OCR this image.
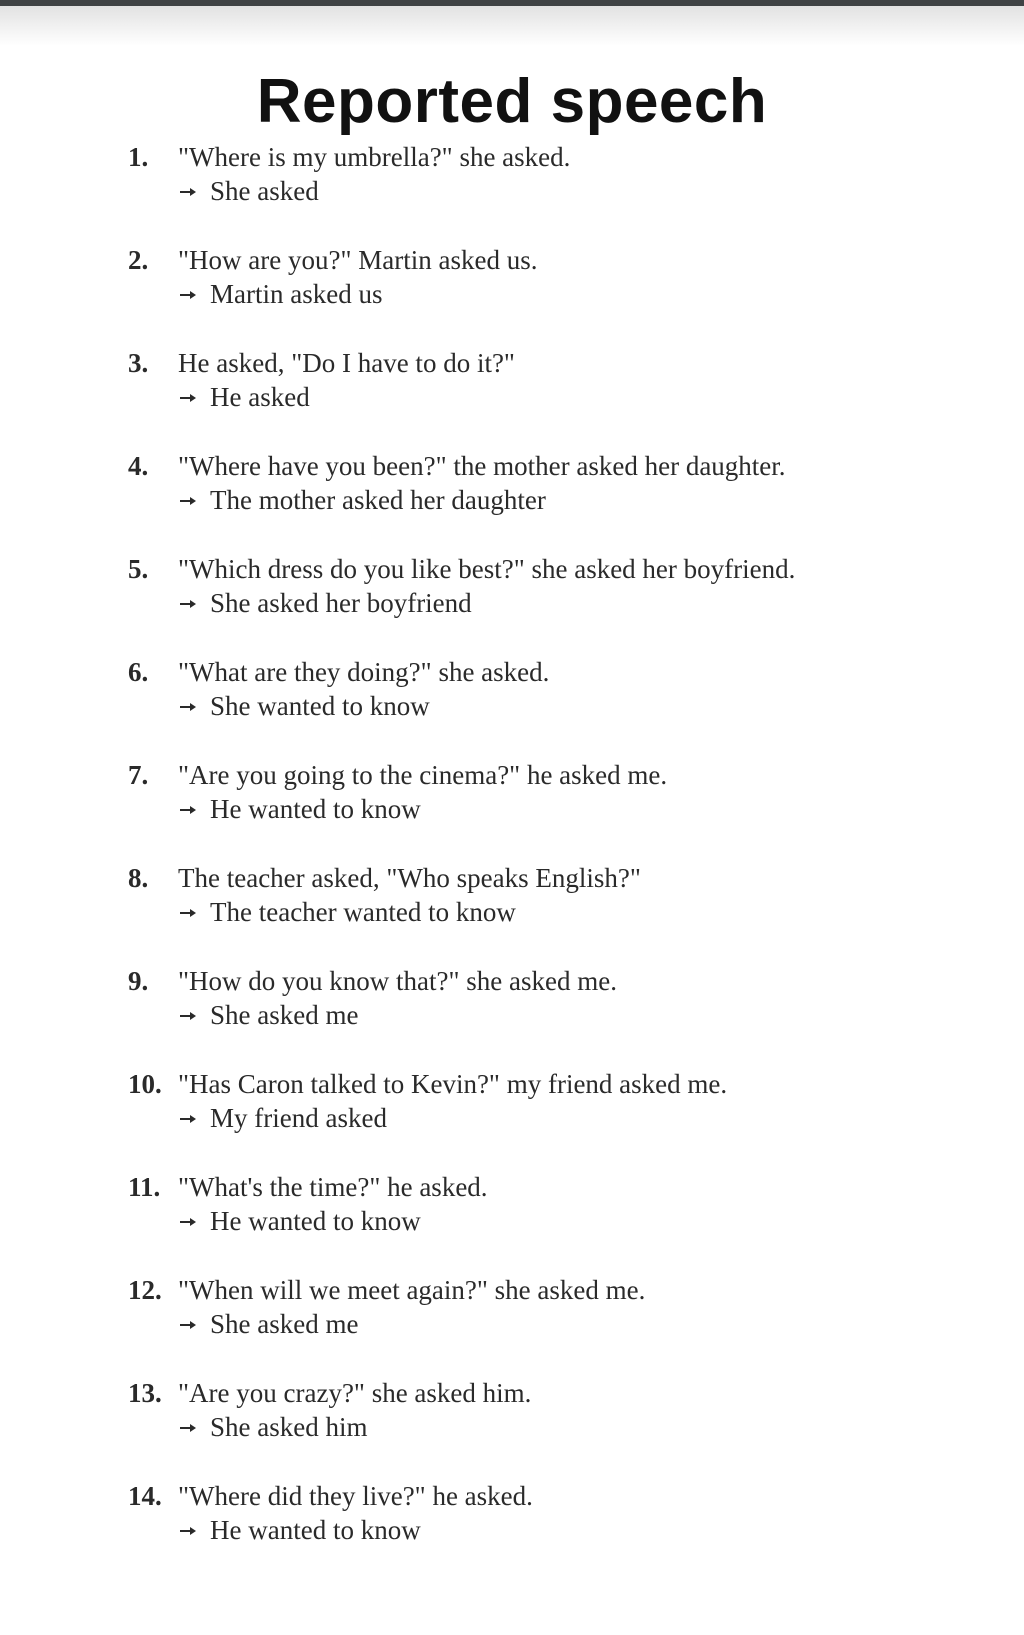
Reported speech
1. "Where is my umbrella?" she asked.
She asked
2. "How are you?" Martin asked us.
Martin asked us
3. He asked, "Do I have to do it?"
He asked
4. "Where have you been?" the mother asked her daughter.
The mother asked her daughter
5. "Which dress do you like best?" she asked her boyfriend.
She asked her boyfriend
6. "What are they doing?" she asked.
She wanted to know
7. "Are you going to the cinema?" he asked me.
He wanted to know
8. The teacher asked, "Who speaks English?"
The teacher wanted to know
9. "How do you know that?" she asked me.
She asked me
10. "Has Caron talked to Kevin?" my friend asked me.
My friend asked
11. "What's the time?" he asked.
He wanted to know
12. "When will we meet again?" she asked me.
She asked me
13. "Are you crazy?" she asked him.
She asked him
14. "Where did they live?" he asked.
He wanted to know
